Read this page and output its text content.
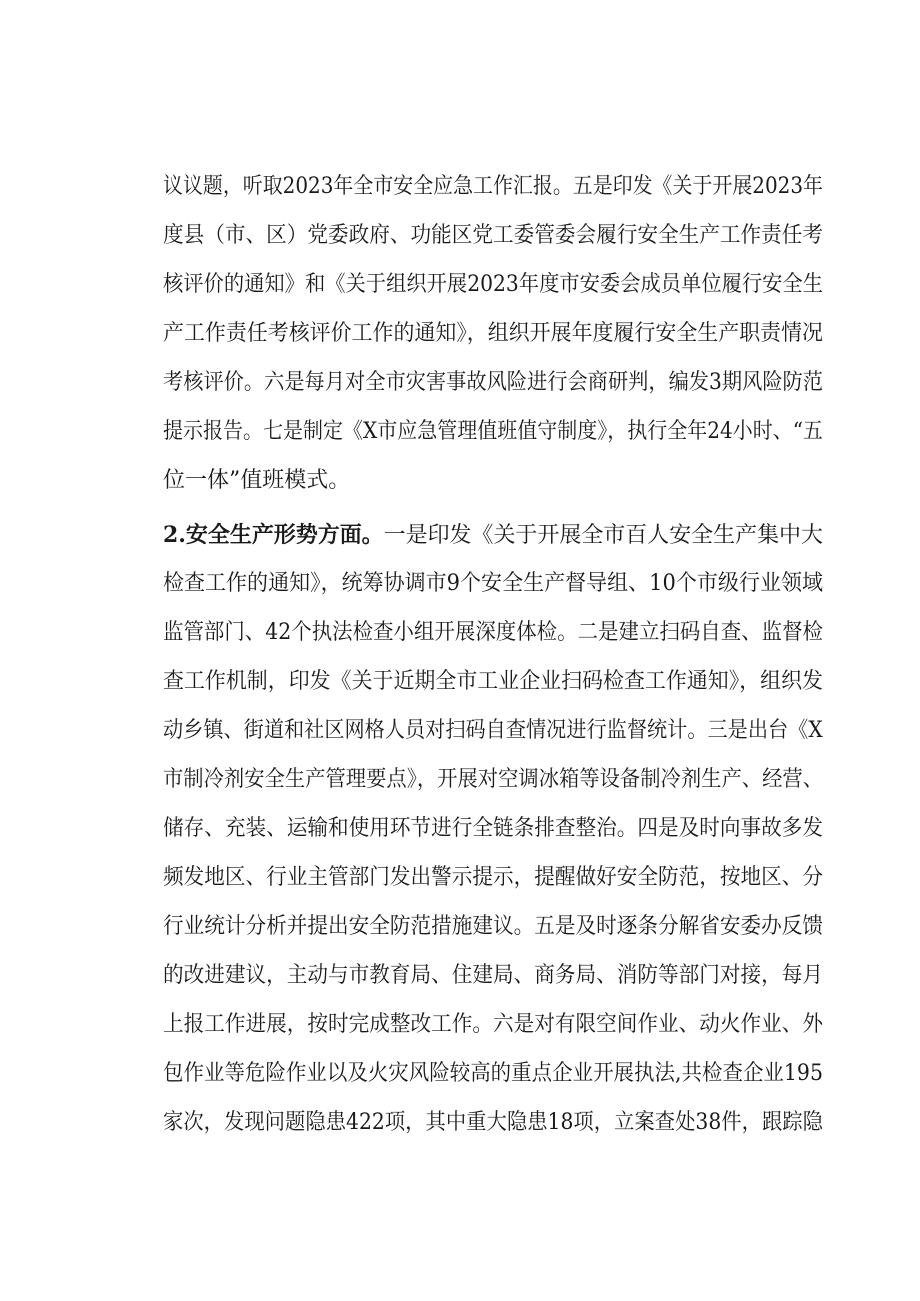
议议题，听取2023年全市安全应急工作汇报。五是印发《关于开展2023年
度县（市、区）党委政府、功能区党工委管委会履行安全生产工作责任考
核评价的通知》和《关于组织开展2023年度市安委会成员单位履行安全生
产工作责任考核评价工作的通知》，组织开展年度履行安全生产职责情况
考核评价。六是每月对全市灾害事故风险进行会商研判，编发3期风险防范
提示报告。七是制定《X市应急管理值班值守制度》，执行全年24小时、“五
位一体”值班模式。
2.安全生产形势方面。一是印发《关于开展全市百人安全生产集中大
检查工作的通知》，统筹协调市9个安全生产督导组、10个市级行业领域
监管部门、42个执法检查小组开展深度体检。二是建立扫码自查、监督检
查工作机制，印发《关于近期全市工业企业扫码检查工作通知》，组织发
动乡镇、街道和社区网格人员对扫码自查情况进行监督统计。三是出台《X
市制冷剂安全生产管理要点》，开展对空调冰箱等设备制冷剂生产、经营、
储存、充装、运输和使用环节进行全链条排查整治。四是及时向事故多发
频发地区、行业主管部门发出警示提示，提醒做好安全防范，按地区、分
行业统计分析并提出安全防范措施建议。五是及时逐条分解省安委办反馈
的改进建议，主动与市教育局、住建局、商务局、消防等部门对接，每月
上报工作进展，按时完成整改工作。六是对有限空间作业、动火作业、外
包作业等危险作业以及火灾风险较高的重点企业开展执法,共检查企业195
家次，发现问题隐患422项，其中重大隐患18项，立案查处38件，跟踪隐
